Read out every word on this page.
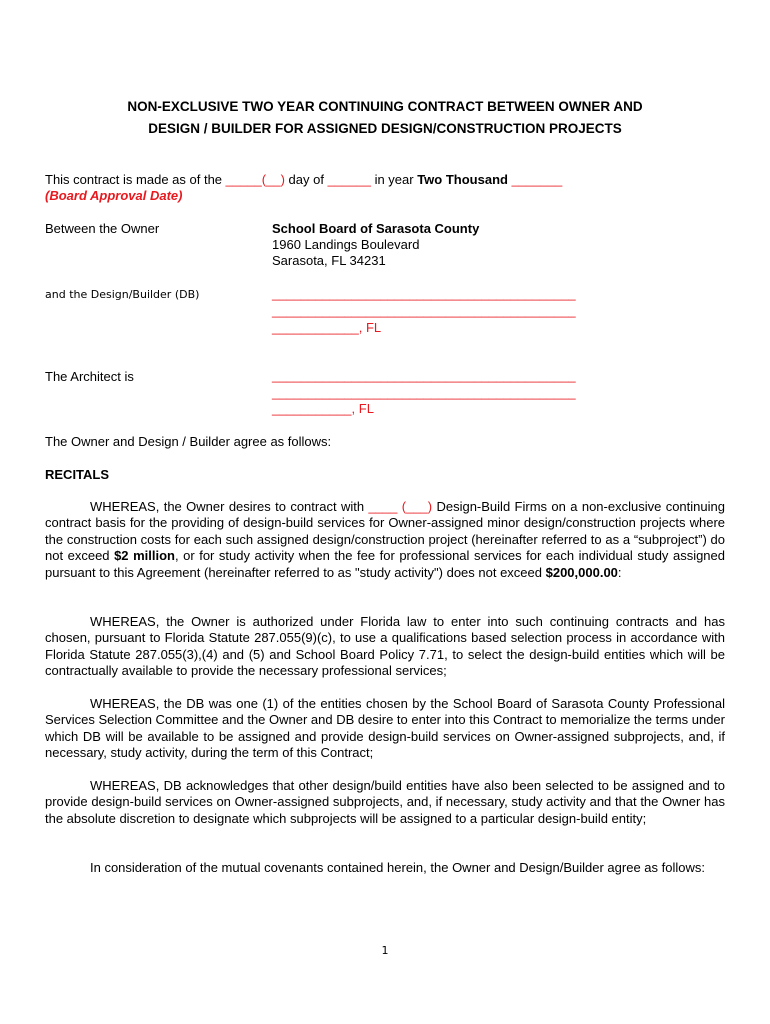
NON-EXCLUSIVE TWO YEAR CONTINUING CONTRACT BETWEEN OWNER AND
DESIGN / BUILDER FOR ASSIGNED DESIGN/CONSTRUCTION PROJECTS
This contract is made as of the _____(__) day of ______ in year Two Thousand _______
(Board Approval Date)
Between the Owner	School Board of Sarasota County
1960 Landings Boulevard
Sarasota, FL 34231
and the Design/Builder (DB)	__________________________________________
__________________________________________
____________, FL
The Architect is	__________________________________________
__________________________________________
___________, FL
The Owner and Design / Builder agree as follows:
RECITALS
WHEREAS, the Owner desires to contract with ____ (___) Design-Build Firms on a non-exclusive continuing contract basis for the providing of design-build services for Owner-assigned minor design/construction projects where the construction costs for each such assigned design/construction project (hereinafter referred to as a “subproject”) do not exceed $2 million, or for study activity when the fee for professional services for each individual study assigned pursuant to this Agreement (hereinafter referred to as "study activity") does not exceed $200,000.00:
WHEREAS, the Owner is authorized under Florida law to enter into such continuing contracts and has chosen, pursuant to Florida Statute 287.055(9)(c), to use a qualifications based selection process in accordance with Florida Statute 287.055(3),(4) and (5) and School Board Policy 7.71, to select the design-build entities which will be contractually available to provide the necessary professional services;
WHEREAS, the DB was one (1) of the entities chosen by the School Board of Sarasota County Professional Services Selection Committee and the Owner and DB desire to enter into this Contract to memorialize the terms under which DB will be available to be assigned and provide design-build services on Owner-assigned subprojects, and, if necessary, study activity, during the term of this Contract;
WHEREAS, DB acknowledges that other design/build entities have also been selected to be assigned and to provide design-build services on Owner-assigned subprojects, and, if necessary, study activity and that the Owner has the absolute discretion to designate which subprojects will be assigned to a particular design-build entity;
In consideration of the mutual covenants contained herein, the Owner and Design/Builder agree as follows:
1
